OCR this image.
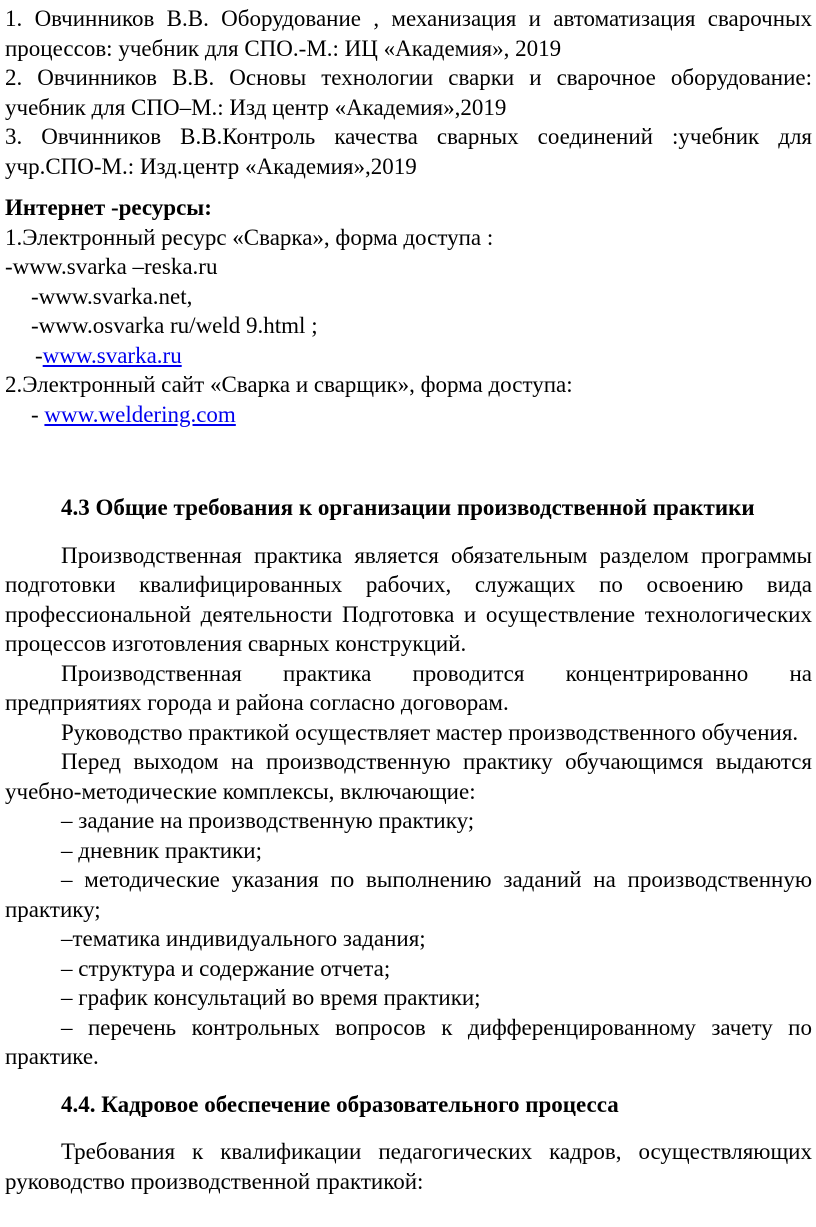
1. Овчинников В.В. Оборудование , механизация и автоматизация сварочных процессов: учебник для СПО.-М.: ИЦ «Академия», 2019

2. Овчинников В.В. Основы технологии сварки и сварочное оборудование: учебник для СПО–М.: Изд центр «Академия»,2019

3. Овчинников В.В.Контроль качества сварных соединений :учебник для учр.СПО-М.: Изд.центр «Академия»,2019

Интернет -ресурсы:

1.Электронный ресурс «Сварка», форма доступа :

-www.svarka –reska.ru

-www.svarka.net,

-www.osvarka ru/weld 9.html ;

-www.svarka.ru

2.Электронный сайт «Сварка и сварщик», форма доступа:

- www.weldering.com

4.3 Общие требования к организации производственной практики

Производственная практика является обязательным разделом программы подготовки квалифицированных рабочих, служащих по освоению вида профессиональной деятельности Подготовка и осуществление технологических процессов изготовления сварных конструкций.

Производственная практика проводится концентрированно на предприятиях города и района согласно договорам.

Руководство практикой осуществляет мастер производственного обучения.

Перед выходом на производственную практику обучающимся выдаются учебно-методические комплексы, включающие:

– задание на производственную практику;

– дневник практики;

– методические указания по выполнению заданий на производственную практику;

–тематика индивидуального задания;

– структура и содержание отчета;

– график консультаций во время практики;

– перечень контрольных вопросов к дифференцированному зачету по практике.

4.4. Кадровое обеспечение образовательного процесса

Требования к квалификации педагогических кадров, осуществляющих руководство производственной практикой:
